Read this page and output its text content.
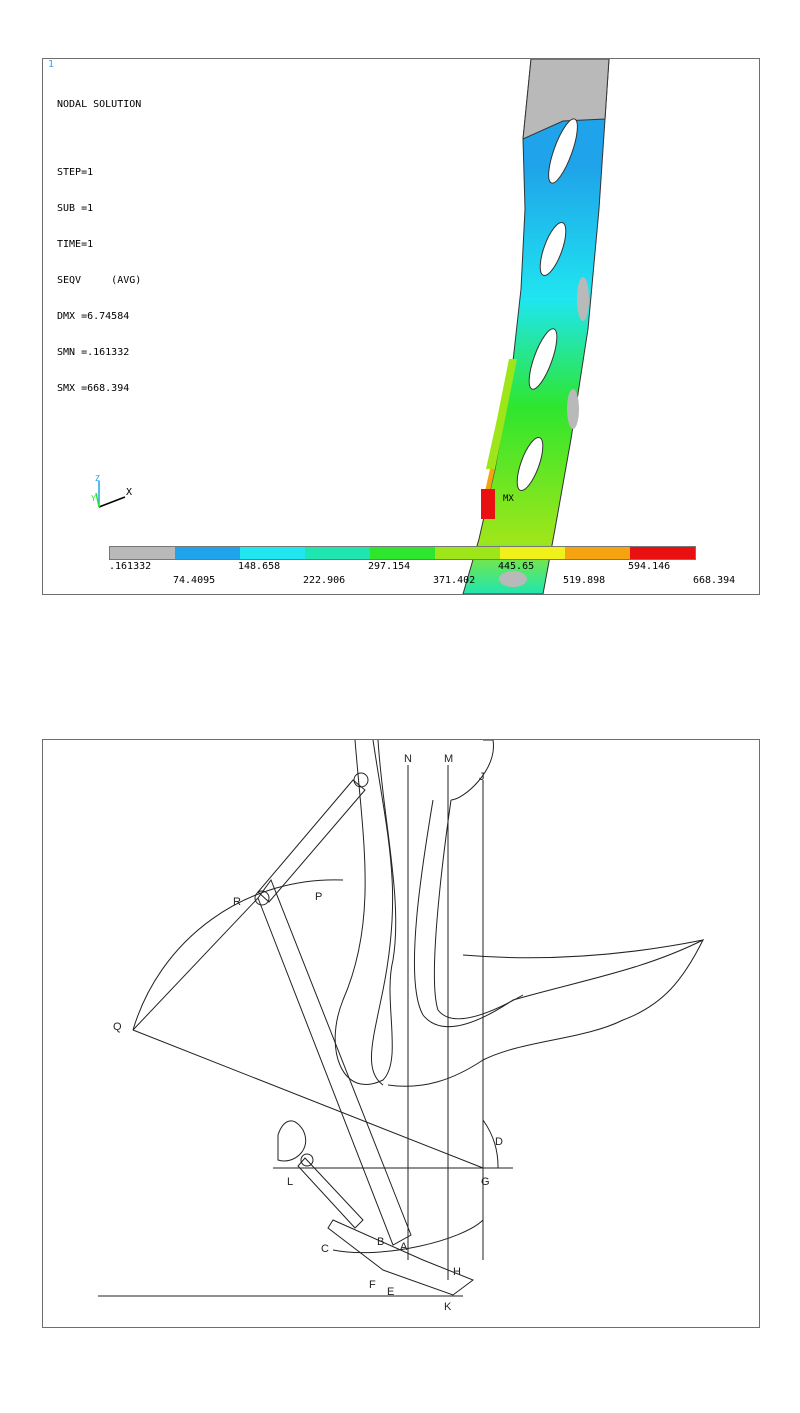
1

NODAL SOLUTION

STEP=1

SUB =1

TIME=1

SEQV     (AVG)

DMX =6.74584

SMN =.161332

SMX =668.394

X
Z
Y	MX
.161332	148.658	297.154	445.65	594.146
74.4095	222.906	371.402	519.898	668.394
N	M
J
R	P
Q
D
L	G
C
B A
H
F
E
K
